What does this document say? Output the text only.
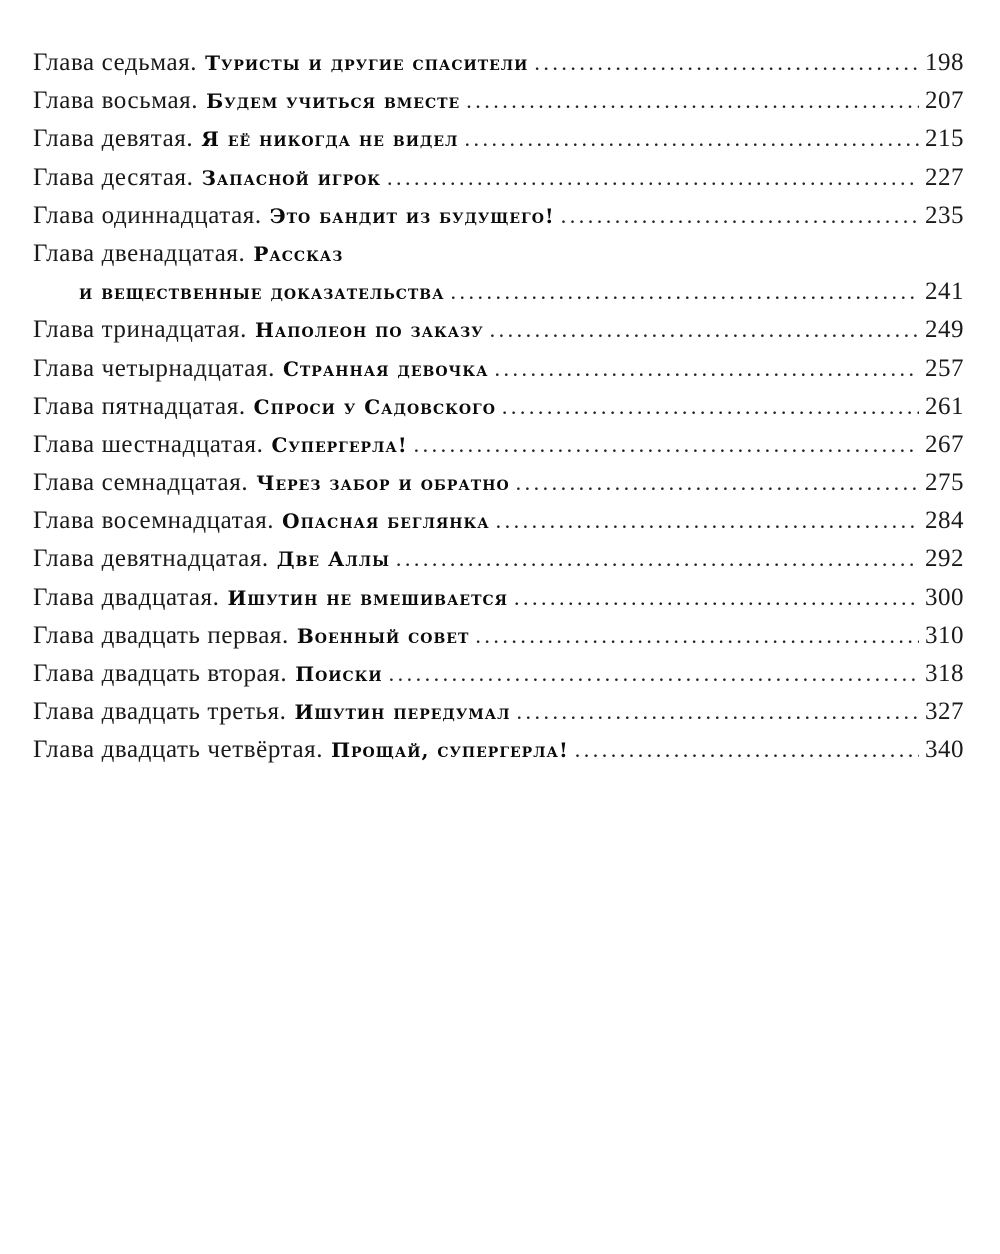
Глава седьмая. Туристы и другие спасители . . .	198
Глава восьмая. Будем учиться вместе . . .	207
Глава девятая. Я её никогда не видел . . .	215
Глава десятая. Запасной игрок . . .	227
Глава одиннадцатая. Это бандит из будущего! . . .	235
Глава двенадцатая. Рассказ
и вещественные доказательства . . .	241
Глава тринадцатая. Наполеон по заказу . . .	249
Глава четырнадцатая. Странная девочка . . .	257
Глава пятнадцатая. Спроси у Садовского . . .	261
Глава шестнадцатая. Супергерла! . . .	267
Глава семнадцатая. Через забор и обратно . . .	275
Глава восемнадцатая. Опасная беглянка . . .	284
Глава девятнадцатая. Две Аллы . . .	292
Глава двадцатая. Ишутин не вмешивается . . .	300
Глава двадцать первая. Военный совет . . .	310
Глава двадцать вторая. Поиски . . .	318
Глава двадцать третья. Ишутин передумал . . .	327
Глава двадцать четвёртая. Прощай, супергерла! . . .	340
